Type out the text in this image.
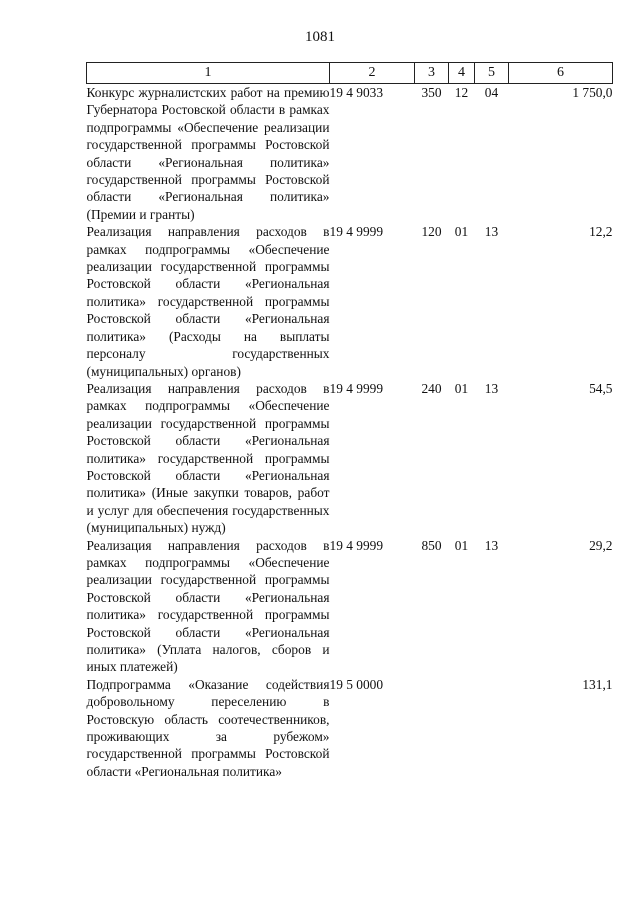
1081
1	2	3	4	5	6
Конкурс журналистских работ на премию Губернатора Ростовской области в рамках подпрограммы «Обеспечение реализации государственной программы Ростовской области «Региональная политика» государственной программы Ростовской области «Региональная политика» (Премии и гранты)	19 4 9033	350	12	04	1 750,0
Реализация направления расходов в рамках подпрограммы «Обеспечение реализации государственной программы Ростовской области «Региональная политика» государственной программы Ростовской области «Региональная политика» (Расходы на выплаты персоналу государственных (муниципальных) органов)	19 4 9999	120	01	13	12,2
Реализация направления расходов в рамках подпрограммы «Обеспечение реализации государственной программы Ростовской области «Региональная политика» государственной программы Ростовской области «Региональная политика» (Иные закупки товаров, работ и услуг для обеспечения государственных (муниципальных) нужд)	19 4 9999	240	01	13	54,5
Реализация направления расходов в рамках подпрограммы «Обеспечение реализации государственной программы Ростовской области «Региональная политика» государственной программы Ростовской области «Региональная политика» (Уплата налогов, сборов и иных платежей)	19 4 9999	850	01	13	29,2
Подпрограмма «Оказание содействия добровольному переселению в Ростовскую область соотечественников, проживающих за рубежом» государственной программы Ростовской области «Региональная политика»	19 5 0000				131,1
